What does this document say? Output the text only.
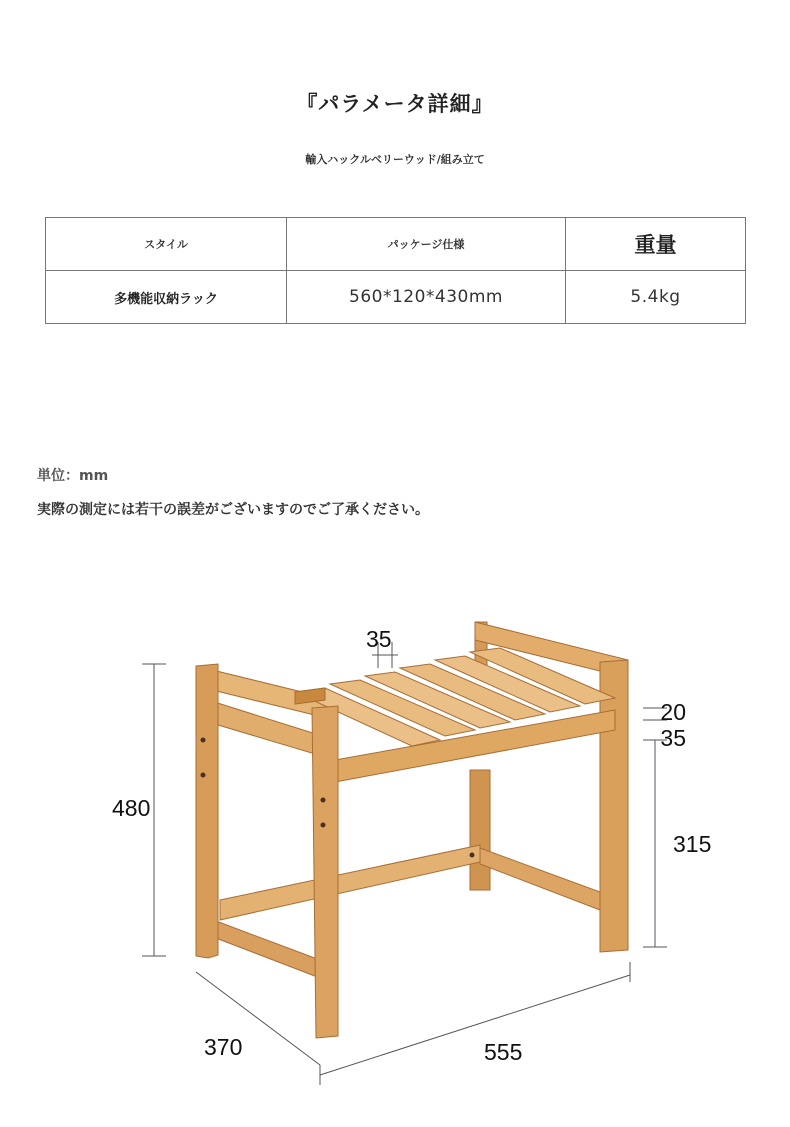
『パラメータ詳細』
輸入ハックルベリーウッド/組み立て
スタイル	パッケージ仕様	重量
多機能収納ラック	560*120*430mm	5.4kg
単位：mm
実際の測定には若干の誤差がございますのでご了承ください。
35
480
20
35
315
370	555
